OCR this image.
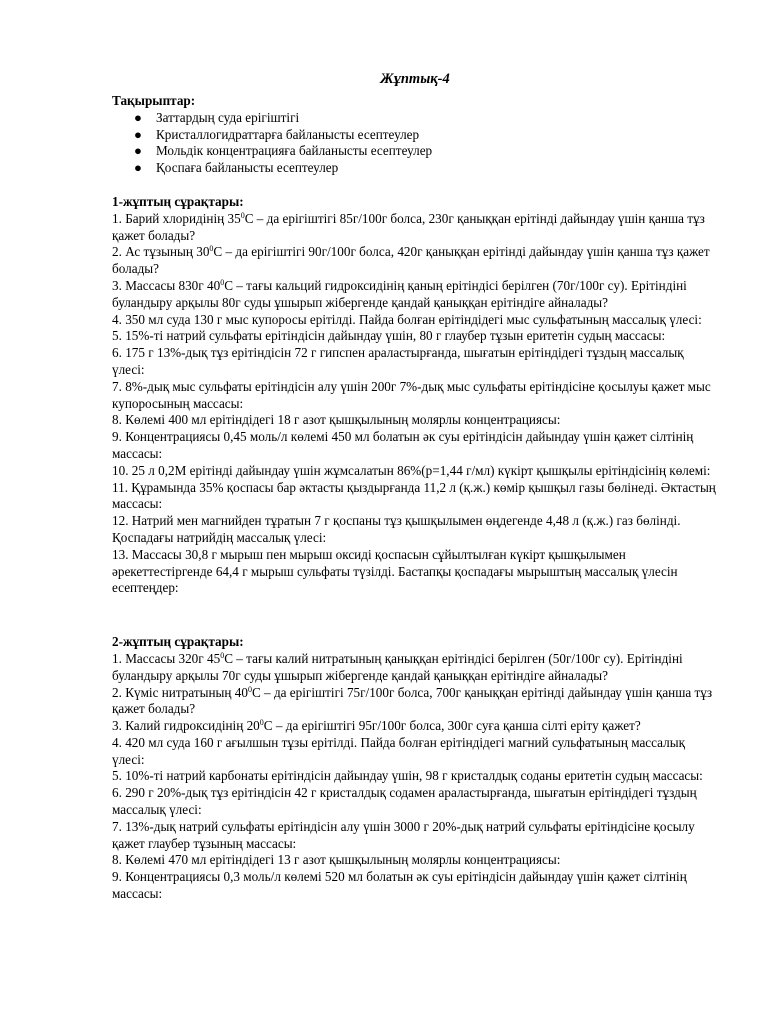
Жұптық-4
Тақырыптар:
● Заттардың суда ерігіштігі
● Кристаллогидраттарға байланысты есептеулер
● Мольдік концентрацияға байланысты есептеулер
● Қоспаға байланысты есептеулер
1-жұптың сұрақтары:

1. Барий хлоридінің $35^0С$ – да ерігіштігі 85г/100г болса, 230г қаныққан ерітінді дайындау үшін қанша тұз қажет болады?

2. Ас тұзының $30^0С$ – да ерігіштігі 90г/100г болса, 420г қаныққан ерітінді дайындау үшін қанша тұз қажет болады?

3. Массасы 830г $40^0С$ – тағы кальций гидроксидінің қаның ерітіндісі берілген (70г/100г су). Ерітіндіні буландыру арқылы 80г суды ұшырып жібергенде қандай қаныққан ерітіндіге айналады?

4. 350 мл суда 130 г мыс купоросы ерітілді. Пайда болған ерітіндідегі мыс сульфатының массалық үлесі:

5. 15%-ті натрий сульфаты ерітіндісін дайындау үшін, 80 г глаубер тұзын еритетін судың массасы:

6. 175 г 13%-дық тұз ерітіндісін 72 г гипспен араластырғанда, шығатын ерітіндідегі тұздың массалық үлесі:

7. 8%-дық мыс сульфаты ерітіндісін алу үшін 200г 7%-дық мыс сульфаты ерітіндісіне қосылуы қажет мыс купоросының массасы:

8. Көлемі 400 мл ерітіндідегі 18 г азот қышқылының молярлы концентрациясы:

9. Концентрациясы 0,45 моль/л көлемі 450 мл болатын әк суы ерітіндісін дайындау үшін қажет сілтінің массасы:

10. 25 л 0,2М ерітінді дайындау үшін жұмсалатын 86%(р=1,44 г/мл) күкірт қышқылы ерітіндісінің көлемі:

11. Құрамында 35% қоспасы бар әктасты қыздырғанда 11,2 л (қ.ж.) көмір қышқыл газы бөлінеді. Әктастың массасы:

12. Натрий мен магнийден тұратын 7 г қоспаны тұз қышқылымен өңдегенде 4,48 л (қ.ж.) газ бөлінді. Қоспадағы натрийдің массалық үлесі:

13. Массасы 30,8 г мырыш пен мырыш оксиді қоспасын сұйылтылған күкірт қышқылымен әрекеттестіргенде 64,4 г мырыш сульфаты түзілді. Бастапқы қоспадағы мырыштың массалық үлесін есептеңдер:

2-жұптың сұрақтары:

1. Массасы 320г $45^0С$ – тағы калий нитратының қаныққан ерітіндісі берілген (50г/100г су). Ерітіндіні буландыру арқылы 70г суды ұшырып жібергенде қандай қаныққан ерітіндіге айналады?

2. Күміс нитратының $40^0С$ – да ерігіштігі 75г/100г болса, 700г қаныққан ерітінді дайындау үшін қанша тұз қажет болады?

3. Калий гидроксидінің $20^0С$ – да ерігіштігі 95г/100г болса, 300г суға қанша сілті еріту қажет?

4. 420 мл суда 160 г ағылшын тұзы ерітілді. Пайда болған ерітіндідегі магний сульфатының массалық үлесі:

5. 10%-ті натрий карбонаты ерітіндісін дайындау үшін, 98 г кристалдық соданы еритетін судың массасы:

6. 290 г 20%-дық тұз ерітіндісін 42 г кристалдық содамен араластырғанда, шығатын ерітіндідегі тұздың массалық үлесі:

7. 13%-дық натрий сульфаты ерітіндісін алу үшін 3000 г 20%-дық натрий сульфаты ерітіндісіне қосылу қажет глаубер тұзының массасы:

8. Көлемі 470 мл ерітіндідегі 13 г азот қышқылының молярлы концентрациясы:

9. Концентрациясы 0,3 моль/л көлемі 520 мл болатын әк суы ерітіндісін дайындау үшін қажет сілтінің массасы:
